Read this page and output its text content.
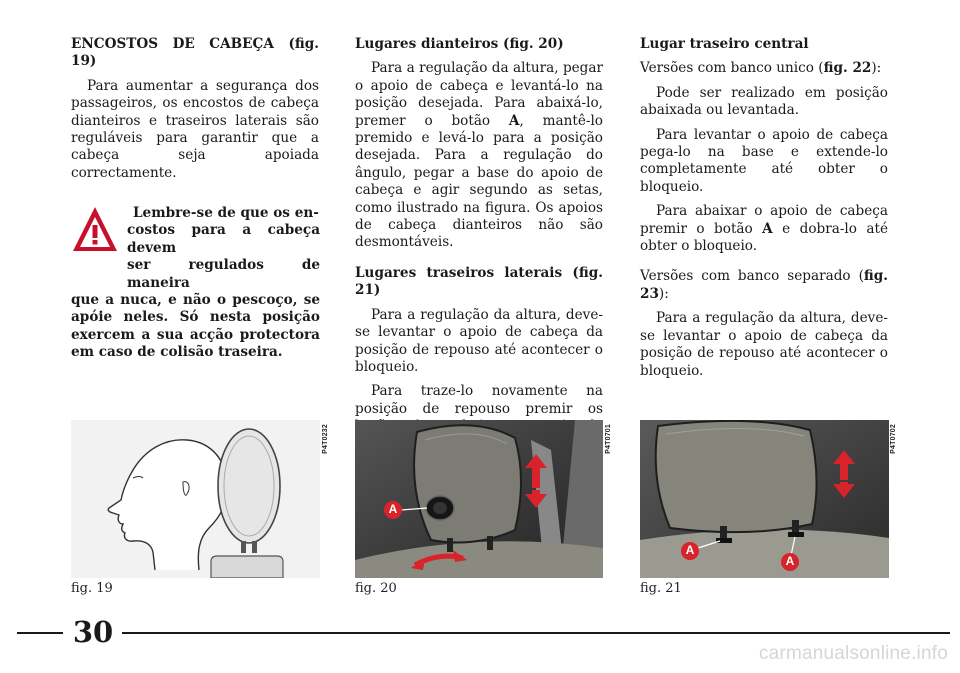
ENCOSTOS DE CABEÇA (fig. 19)

Para aumentar a segurança dos passageiros, os encostos de cabeça dianteiros e traseiros laterais são reguláveis para garantir que a cabeça seja apoiada correctamente.

Lembre-se de que os en-

costos para a cabeça devem

ser regulados de maneira

que a nuca, e não o pescoço, se apóie neles. Só nesta posição exercem a sua acção protectora em caso de colisão traseira.

Lugares dianteiros (fig. 20)

Para a regulação da altura, pegar o apoio de cabeça e levantá-lo na posição desejada. Para abaixá-lo, premer o botão A, mantê-lo premido e levá-lo para a posição desejada. Para a regulação do ângulo, pegar a base do apoio de cabeça e agir segundo as setas, como ilustrado na figura. Os apoios de cabeça dianteiros não são desmontáveis.

Lugares traseiros laterais (fig. 21)

Para a regulação da altura, deve-se levantar o apoio de cabeça da posição de repouso até acontecer o bloqueio.

Para traze-lo novamente na posição de repouso premir os

Lugar traseiro central

Versões com banco unico (fig. 22):

Pode ser realizado em posição abaixada ou levantada.

Para levantar o apoio de cabeça pega-lo na base e extende-lo completamente até obter o bloqueio.

Para abaixar o apoio de cabeça premir o botão A e dobra-lo até obter o bloqueio.

Versões com banco separado (fig. 23):

Para a regulação da altura, deve-se levantar o apoio de cabeça da posição de repouso até acontecer o bloqueio.

P4T0232
fig. 19
A
P4T0701
fig. 20
A
A
P4T0702
fig. 21
30
carmanualsonline.info
